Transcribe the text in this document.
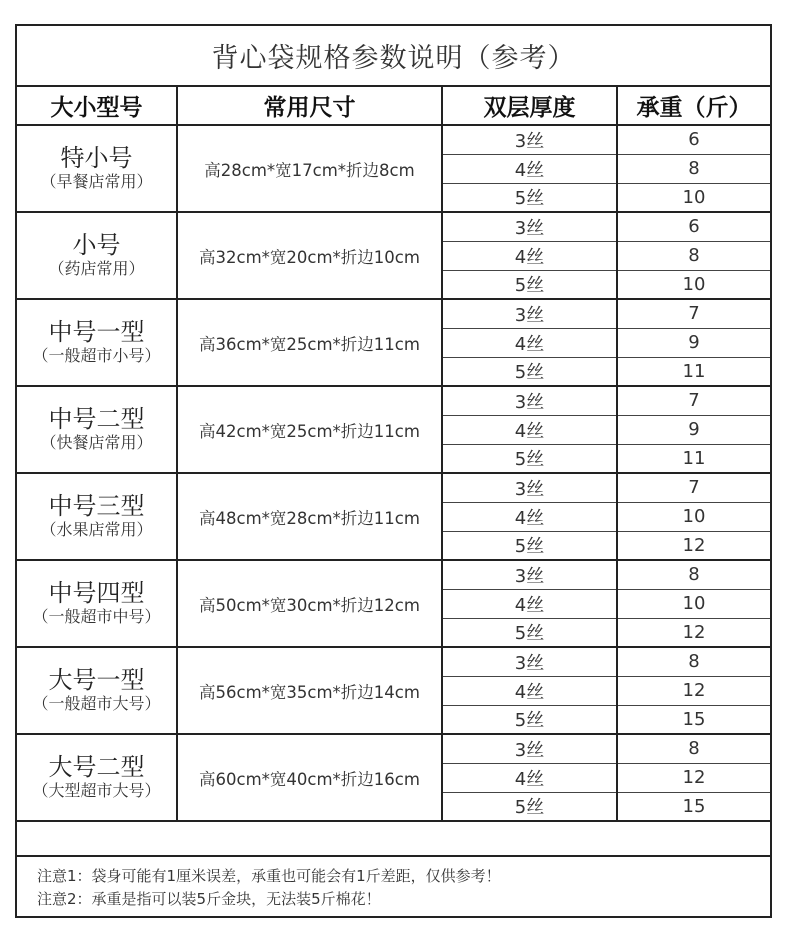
背心袋规格参数说明（参考）
大小型号	常用尺寸	双层厚度	承重（斤）

特小号
（早餐店常用）	高28cm*宽17cm*折边8cm	3丝	6
		4丝	8
		5丝	10

小号
（药店常用）	高32cm*宽20cm*折边10cm	3丝	6
		4丝	8
		5丝	10

中号一型
（一般超市小号）	高36cm*宽25cm*折边11cm	3丝	7
		4丝	9
		5丝	11

中号二型
（快餐店常用）	高42cm*宽25cm*折边11cm	3丝	7
		4丝	9
		5丝	11

中号三型
（水果店常用）	高48cm*宽28cm*折边11cm	3丝	7
		4丝	10
		5丝	12

中号四型
（一般超市中号）	高50cm*宽30cm*折边12cm	3丝	8
		4丝	10
		5丝	12

大号一型
（一般超市大号）	高56cm*宽35cm*折边14cm	3丝	8
		4丝	12
		5丝	15

大号二型
（大型超市大号）	高60cm*宽40cm*折边16cm	3丝	8
		4丝	12
		5丝	15
注意1：袋身可能有1厘米误差，承重也可能会有1斤差距，仅供参考！
注意2：承重是指可以装5斤金块，无法装5斤棉花！
